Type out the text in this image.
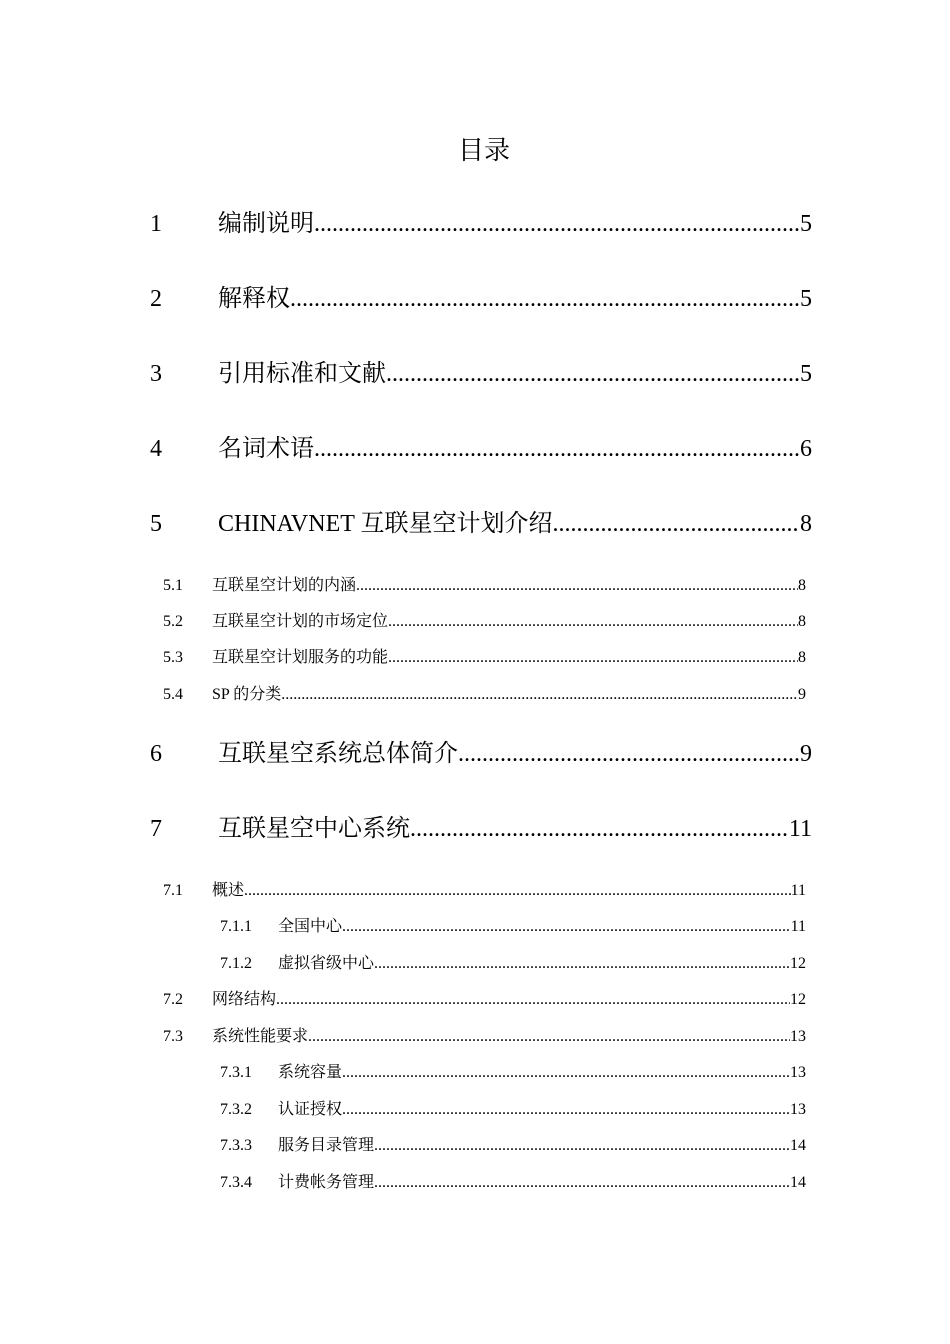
目录
1	编制说明 .....	5
2	解释权 .....	5
3	引用标准和文献 .....	5
4	名词术语 .....	6
5	CHINAVNET 互联星空计划介绍 .....	8
5.1	互联星空计划的内涵 .....	8
5.2	互联星空计划的市场定位 .....	8
5.3	互联星空计划服务的功能 .....	8
5.4	SP 的分类 .....	9
6	互联星空系统总体简介 .....	9
7	互联星空中心系统 .....	11
7.1	概述 .....	11
7.1.1	全国中心 .....	11
7.1.2	虚拟省级中心 .....	12
7.2	网络结构 .....	12
7.3	系统性能要求 .....	13
7.3.1	系统容量 .....	13
7.3.2	认证授权 .....	13
7.3.3	服务目录管理 .....	14
7.3.4	计费帐务管理 .....	14
